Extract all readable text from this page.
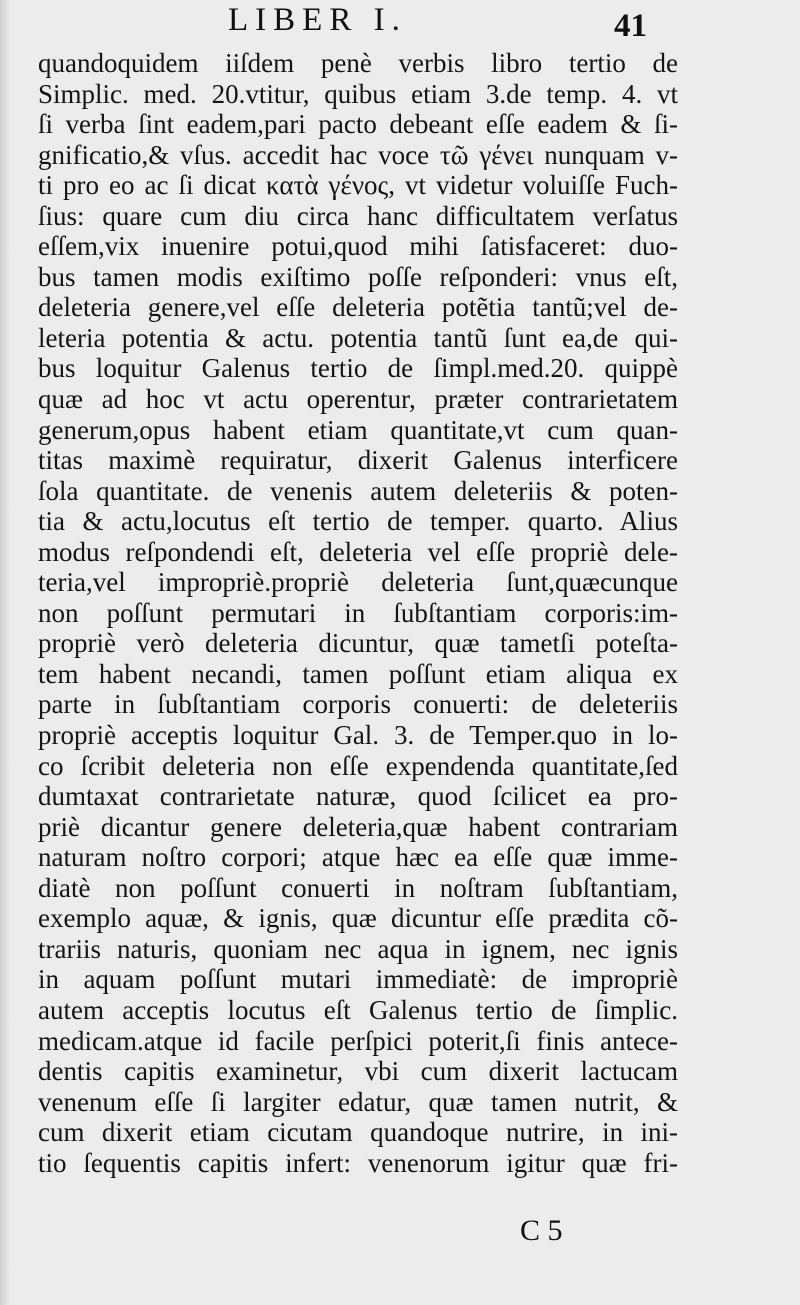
LIBER I.	41
quandoquidem iiſdem penè verbis libro tertio de
Simplic. med. 20.vtitur, quibus etiam 3.de temp. 4. vt
ſi verba ſint eadem,pari pacto debeant eſſe eadem & ſi-
gnificatio,& vſus. accedit hac voce τῶ γένει nunquam v-
ti pro eo ac ſi dicat κατὰ γένος, vt videtur voluiſſe Fuch-
ſius: quare cum diu circa hanc difficultatem verſatus
eſſem,vix inuenire potui,quod mihi ſatisfaceret: duo-
bus tamen modis exiſtimo poſſe reſponderi: vnus eſt,
deleteria genere,vel eſſe deleteria potẽtia tantũ;vel de-
leteria potentia & actu. potentia tantũ ſunt ea,de qui-
bus loquitur Galenus tertio de ſimpl.med.20. quippè
quæ ad hoc vt actu operentur, præter contrarietatem
generum,opus habent etiam quantitate,vt cum quan-
titas maximè requiratur, dixerit Galenus interficere
ſola quantitate. de venenis autem deleteriis & poten-
tia & actu,locutus eſt tertio de temper. quarto. Alius
modus reſpondendi eſt, deleteria vel eſſe propriè dele-
teria,vel impropriè.propriè deleteria ſunt,quæcunque
non poſſunt permutari in ſubſtantiam corporis:im-
propriè verò deleteria dicuntur, quæ tametſi poteſta-
tem habent necandi, tamen poſſunt etiam aliqua ex
parte in ſubſtantiam corporis conuerti: de deleteriis
propriè acceptis loquitur Gal. 3. de Temper.quo in lo-
co ſcribit deleteria non eſſe expendenda quantitate,ſed
dumtaxat contrarietate naturæ, quod ſcilicet ea pro-
priè dicantur genere deleteria,quæ habent contrariam
naturam noſtro corpori; atque hæc ea eſſe quæ imme-
diatè non poſſunt conuerti in noſtram ſubſtantiam,
exemplo aquæ, & ignis, quæ dicuntur eſſe prædita cõ-
trariis naturis, quoniam nec aqua in ignem, nec ignis
in aquam poſſunt mutari immediatè: de impropriè
autem acceptis locutus eſt Galenus tertio de ſimplic.
medicam.atque id facile perſpici poterit,ſi finis antece-
dentis capitis examinetur, vbi cum dixerit lactucam
venenum eſſe ſi largiter edatur, quæ tamen nutrit, &
cum dixerit etiam cicutam quandoque nutrire, in ini-
tio ſequentis capitis infert: venenorum igitur quæ fri-
C 5
